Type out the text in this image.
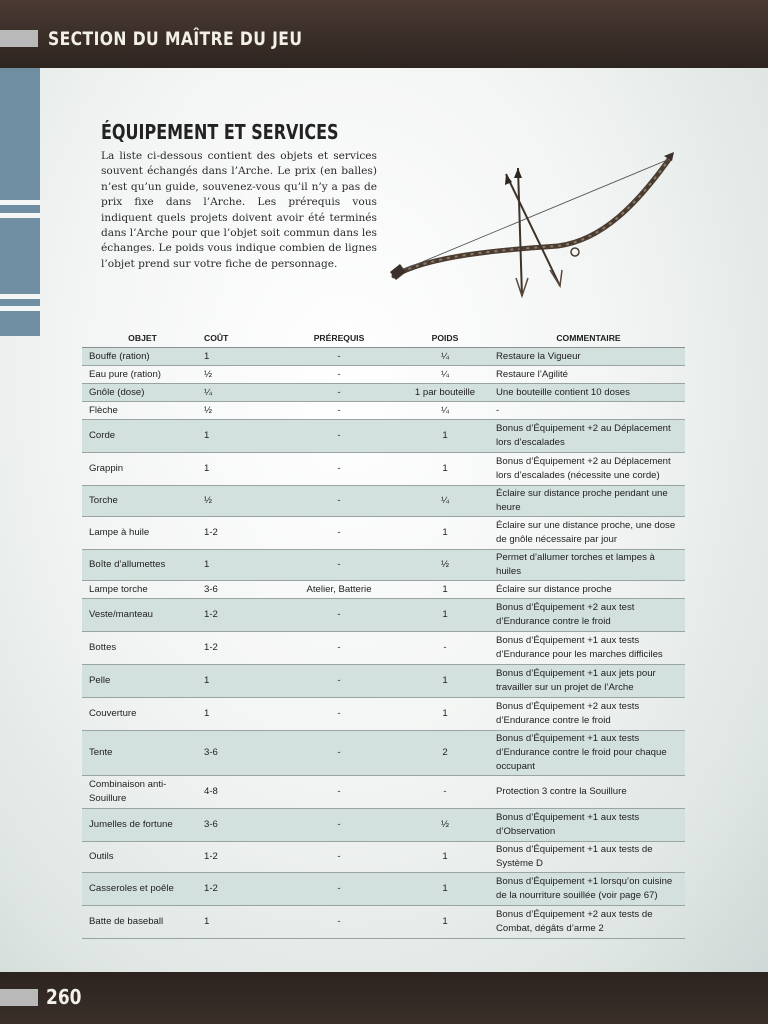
SECTION DU MAÎTRE DU JEU
ÉQUIPEMENT ET SERVICES
La liste ci-dessous contient des objets et services souvent échangés dans l’Arche. Le prix (en balles) n’est qu’un guide, souvenez-vous qu’il n’y a pas de prix fixe dans l’Arche. Les prérequis vous indiquent quels projets doivent avoir été terminés dans l’Arche pour que l’objet soit commun dans les échanges. Le poids vous indique combien de lignes l’objet prend sur votre fiche de personnage.
OBJET	COÛT	PRÉREQUIS	POIDS	COMMENTAIRE
Bouffe (ration)	1	-	¼	Restaure la Vigueur
Eau pure (ration)	½	-	¼	Restaure l’Agilité
Gnôle (dose)	¼	-	1 par bouteille	Une bouteille contient 10 doses
Flèche	½	-	¼	-
Corde	1	-	1	Bonus d’Équipement +2 au Déplacement lors d’escalades
Grappin	1	-	1	Bonus d’Équipement +2 au Déplacement lors d’escalades (nécessite une corde)
Torche	½	-	¼	Éclaire sur distance proche pendant une heure
Lampe à huile	1-2	-	1	Éclaire sur une distance proche, une dose de gnôle nécessaire par jour
Boîte d’allumettes	1	-	½	Permet d’allumer torches et lampes à huiles
Lampe torche	3-6	Atelier, Batterie	1	Éclaire sur distance proche
Veste/manteau	1-2	-	1	Bonus d’Équipement +2 aux test d’Endurance contre le froid
Bottes	1-2	-	-	Bonus d’Équipement +1 aux tests d’Endurance pour les marches difficiles
Pelle	1	-	1	Bonus d’Équipement +1 aux jets pour travailler sur un projet de l’Arche
Couverture	1	-	1	Bonus d’Équipement +2 aux tests d’Endurance contre le froid
Tente	3-6	-	2	Bonus d’Équipement +1 aux tests d’Endurance contre le froid pour chaque occupant
Combinaison anti-Souillure	4-8	-	-	Protection 3 contre la Souillure
Jumelles de fortune	3-6	-	½	Bonus d’Équipement +1 aux tests d’Observation
Outils	1-2	-	1	Bonus d’Équipement +1 aux tests de Système D
Casseroles et poêle	1-2	-	1	Bonus d’Équipement +1 lorsqu’on cuisine de la nourriture souillée (voir page 67)
Batte de baseball	1	-	1	Bonus d’Équipement +2 aux tests de Combat, dégâts d’arme 2
260
